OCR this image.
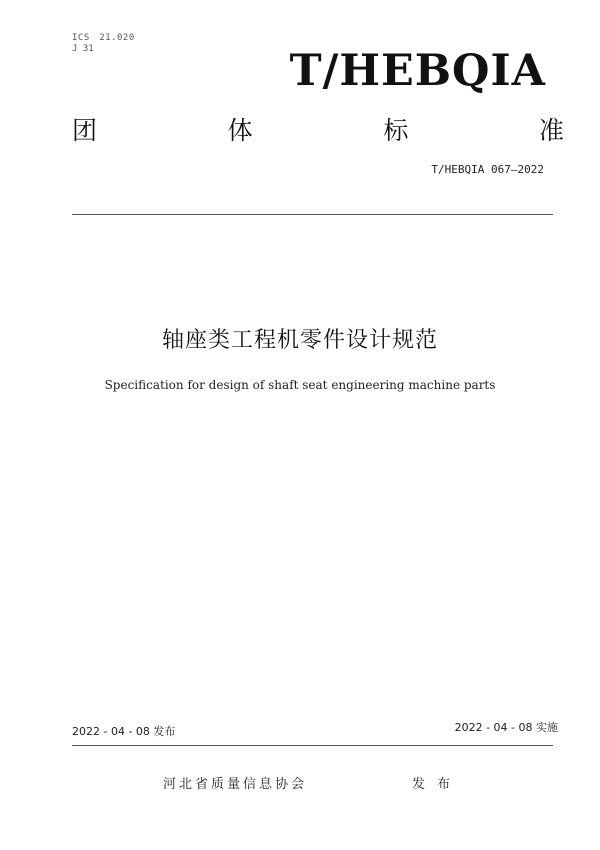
ICS　21.020
J 31	T/HEBQIA
团	体	标	准
T/HEBQIA 067—2022
轴座类工程机零件设计规范
Specification for design of shaft seat engineering machine parts
2022 - 04 - 08 发布	2022 - 04 - 08 实施
河北省质量信息协会	发 布
